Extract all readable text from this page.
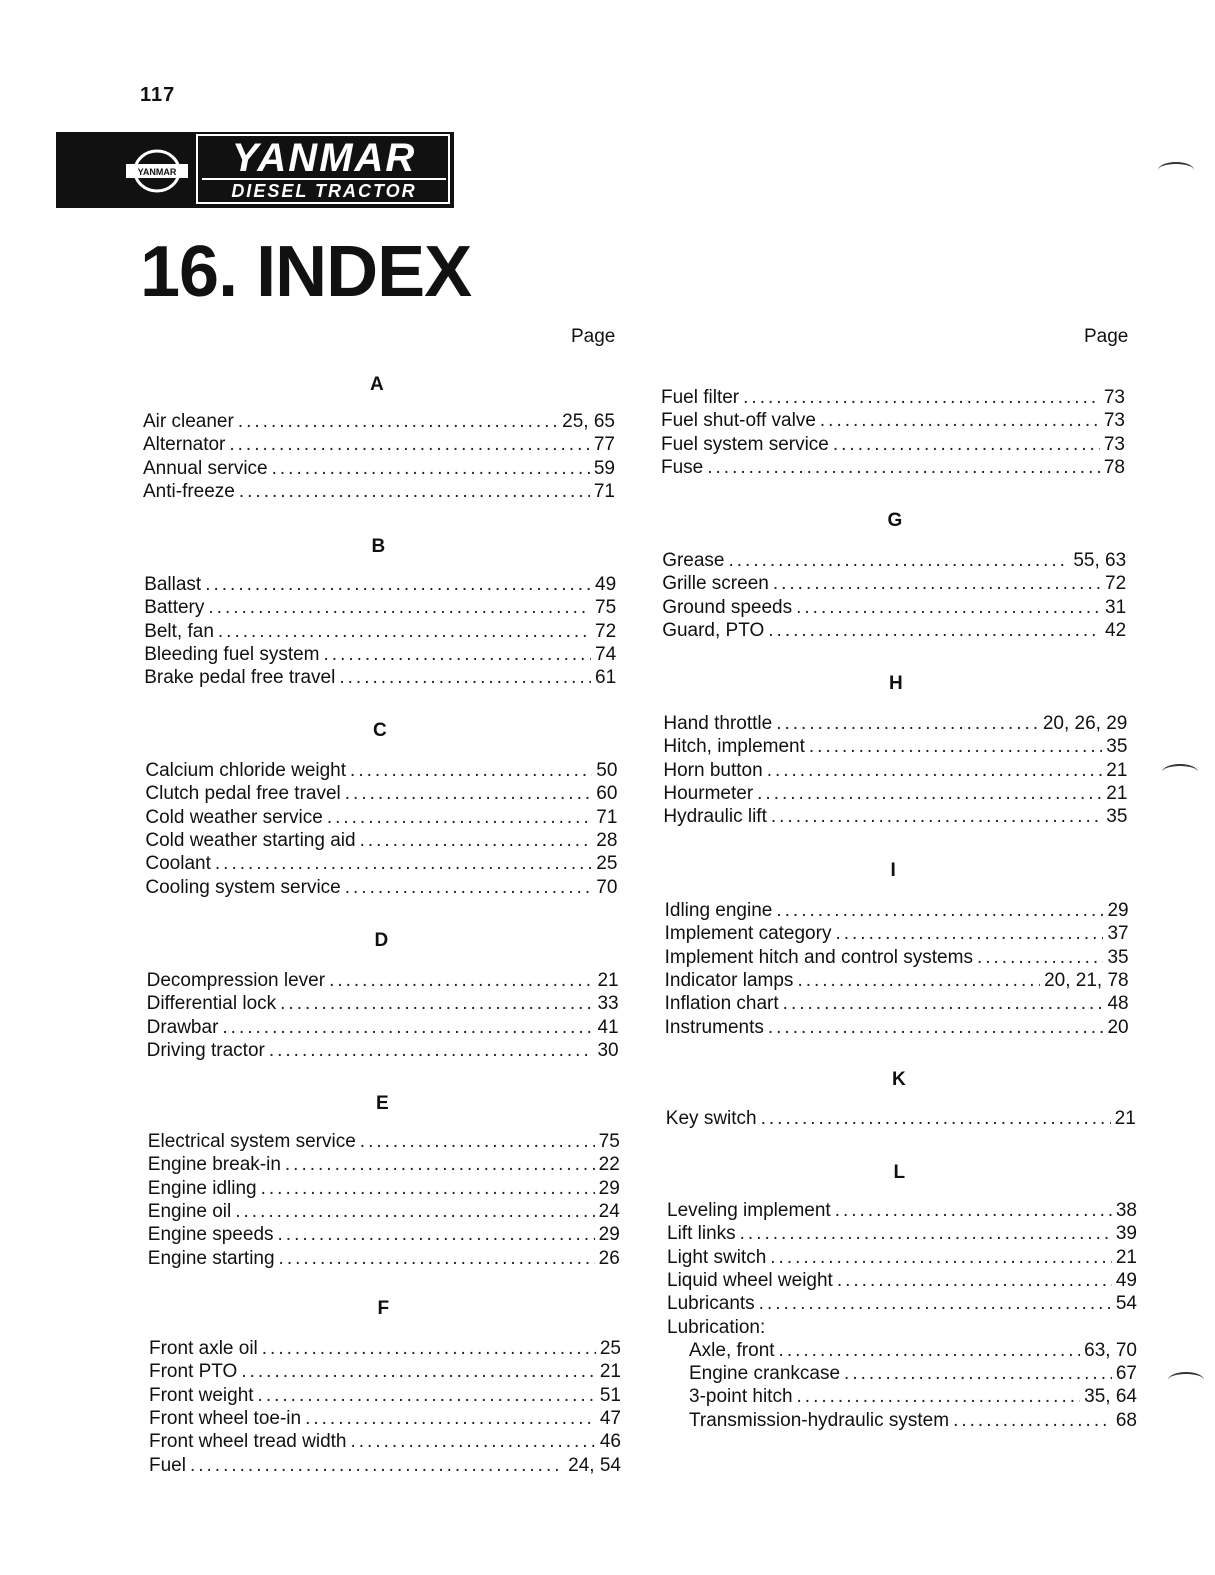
117
YANMAR	YANMAR
DIESEL TRACTOR
16. INDEX
Page	Page
A
Air cleaner .....	25, 65
Alternator .....	77
Annual service .....	59
Anti-freeze .....	71
B
Ballast .....	49
Battery .....	75
Belt, fan .....	72
Bleeding fuel system .....	74
Brake pedal free travel .....	61
C
Calcium chloride weight .....	50
Clutch pedal free travel .....	60
Cold weather service .....	71
Cold weather starting aid .....	28
Coolant .....	25
Cooling system service .....	70
D
Decompression lever .....	21
Differential lock .....	33
Drawbar .....	41
Driving tractor .....	30
E
Electrical system service .....	75
Engine break-in .....	22
Engine idling .....	29
Engine oil .....	24
Engine speeds .....	29
Engine starting .....	26
F
Front axle oil .....	25
Front PTO .....	21
Front weight .....	51
Front wheel toe-in .....	47
Front wheel tread width .....	46
Fuel .....	24, 54
Fuel filter .....	73
Fuel shut-off valve .....	73
Fuel system service .....	73
Fuse .....	78
G
Grease .....	55, 63
Grille screen .....	72
Ground speeds .....	31
Guard, PTO .....	42
H
Hand throttle .....	20, 26, 29
Hitch, implement .....	35
Horn button .....	21
Hourmeter .....	21
Hydraulic lift .....	35
I
Idling engine .....	29
Implement category .....	37
Implement hitch and control systems .....	35
Indicator lamps .....	20, 21, 78
Inflation chart .....	48
Instruments .....	20
K
Key switch .....	21
L
Leveling implement .....	38
Lift links .....	39
Light switch .....	21
Liquid wheel weight .....	49
Lubricants .....	54
Lubrication:
Axle, front .....	63, 70
Engine crankcase .....	67
3-point hitch .....	35, 64
Transmission-hydraulic system .....	68
